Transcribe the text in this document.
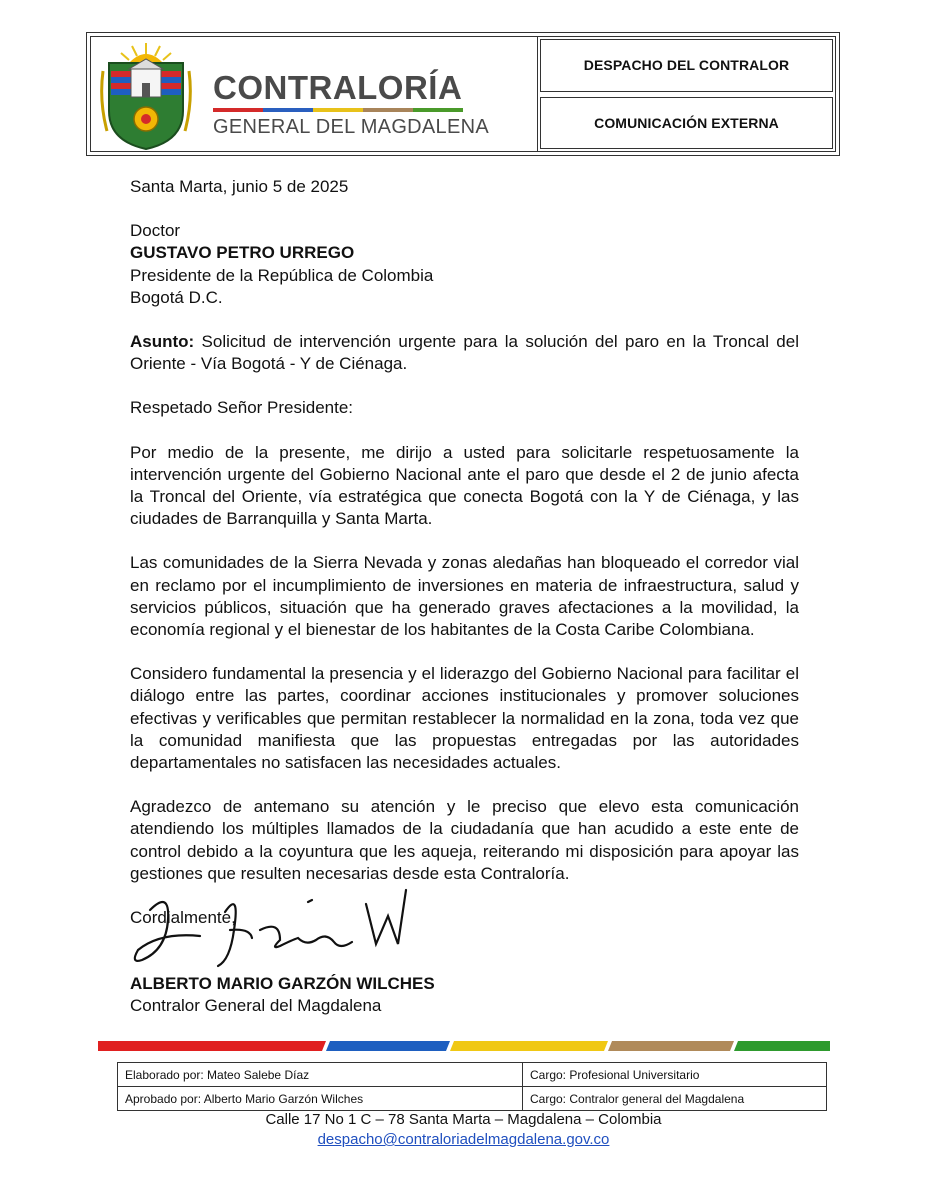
CONTRALORÍA
GENERAL DEL MAGDALENA
DESPACHO DEL CONTRALOR
COMUNICACIÓN EXTERNA

Santa Marta, junio 5 de 2025

Doctor

GUSTAVO PETRO URREGO

Presidente de la República de Colombia

Bogotá D.C.

Asunto: Solicitud de intervención urgente para la solución del paro en la Troncal del Oriente - Vía Bogotá - Y de Ciénaga.

Respetado Señor Presidente:

Por medio de la presente, me dirijo a usted para solicitarle respetuosamente la intervención urgente del Gobierno Nacional ante el paro que desde el 2 de junio afecta la Troncal del Oriente, vía estratégica que conecta Bogotá con la Y de Ciénaga, y las ciudades de Barranquilla y Santa Marta.

Las comunidades de la Sierra Nevada y zonas aledañas han bloqueado el corredor vial en reclamo por el incumplimiento de inversiones en materia de infraestructura, salud y servicios públicos, situación que ha generado graves afectaciones a la movilidad, la economía regional y el bienestar de los habitantes de la Costa Caribe Colombiana.

Considero fundamental la presencia y el liderazgo del Gobierno Nacional para facilitar el diálogo entre las partes, coordinar acciones institucionales y promover soluciones efectivas y verificables que permitan restablecer la normalidad en la zona, toda vez que la comunidad manifiesta que las propuestas entregadas por las autoridades departamentales no satisfacen las necesidades actuales.

Agradezco de antemano su atención y le preciso que elevo esta comunicación atendiendo los múltiples llamados de la ciudadanía que han acudido a este ente de control debido a la coyuntura que les aqueja, reiterando mi disposición para apoyar las gestiones que resulten necesarias desde esta Contraloría.

Cordialmente,

ALBERTO MARIO GARZÓN WILCHES

Contralor General del Magdalena

Elaborado por: Mateo Salebe Díaz	Cargo: Profesional Universitario
Aprobado por: Alberto Mario Garzón Wilches	Cargo: Contralor general del Magdalena
Calle 17 No 1 C – 78 Santa Marta – Magdalena – Colombia
despacho@contraloriadelmagdalena.gov.co
